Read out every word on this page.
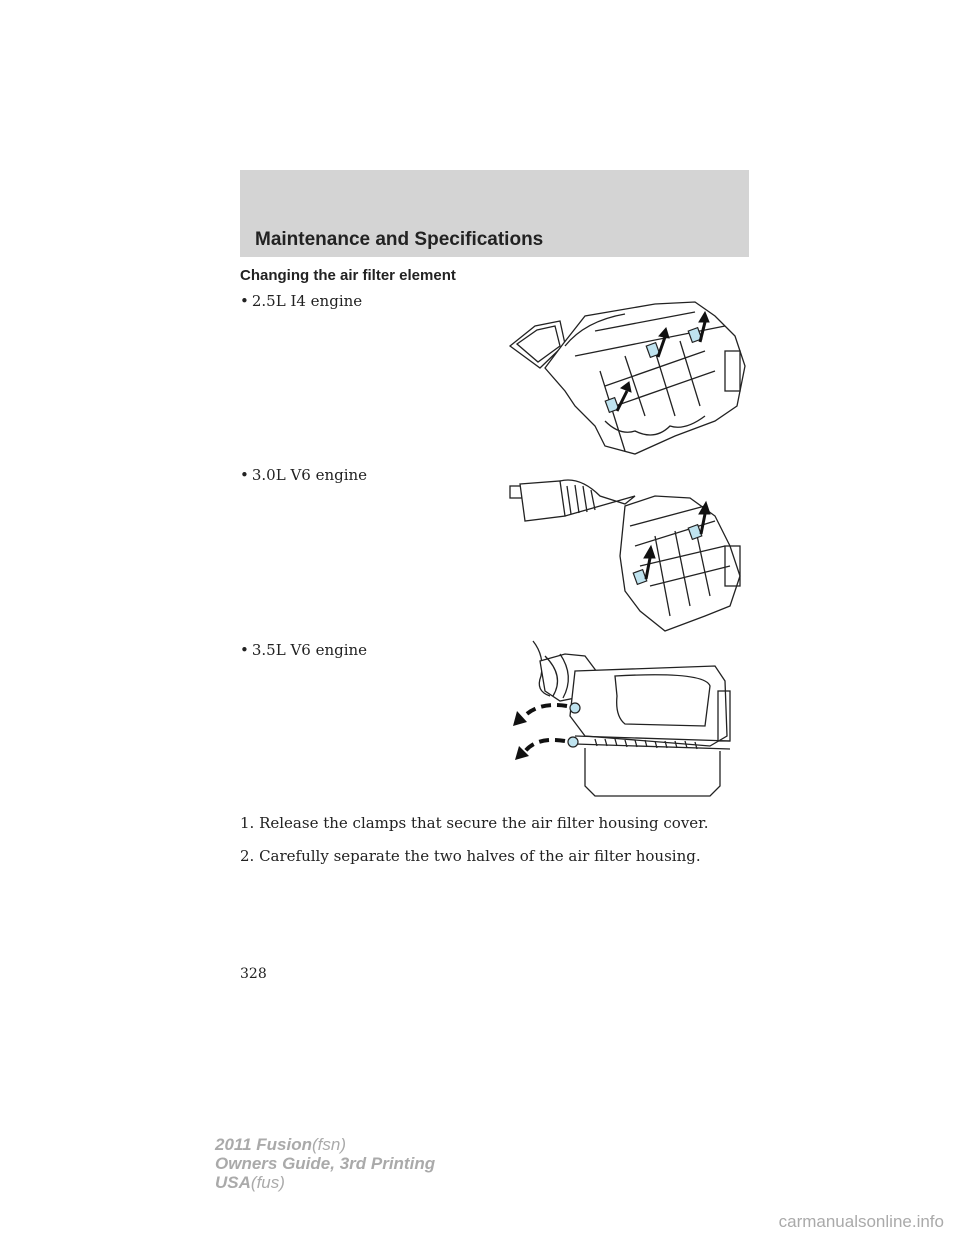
Maintenance and Specifications
Changing the air filter element
• 2.5L I4 engine
• 3.0L V6 engine
• 3.5L V6 engine
1. Release the clamps that secure the air filter housing cover.
2. Carefully separate the two halves of the air filter housing.
328
2011 Fusion(fsn)
Owners Guide, 3rd Printing
USA(fus)
carmanualsonline.info
